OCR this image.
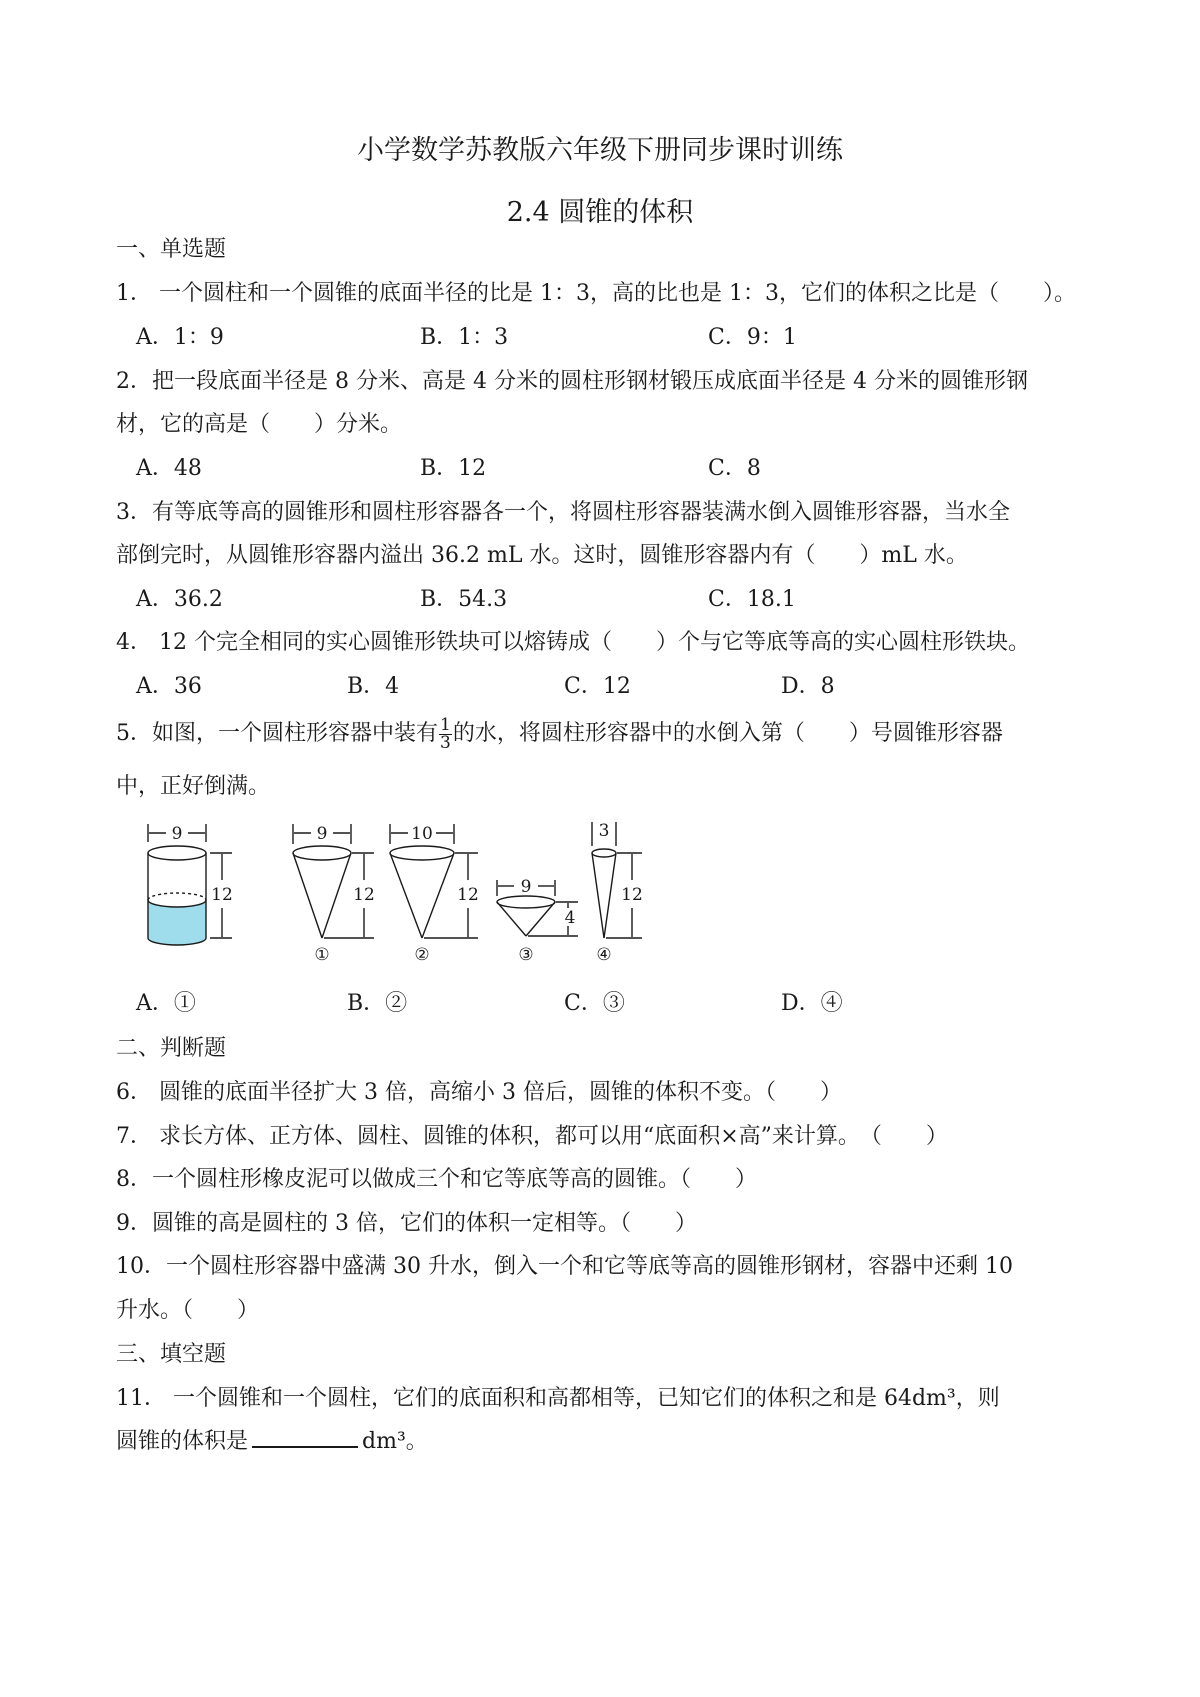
小学数学苏教版六年级下册同步课时训练
2.4 圆锥的体积
一、单选题
1． 一个圆柱和一个圆锥的底面半径的比是 1：3，高的比也是 1：3，它们的体积之比是（　　）。
A．1：9	B．1：3	C．9：1
2．把一段底面半径是 8 分米、高是 4 分米的圆柱形钢材锻压成底面半径是 4 分米的圆锥形钢
材，它的高是（　　）分米。
A．48	B．12	C．8
3．有等底等高的圆锥形和圆柱形容器各一个，将圆柱形容器装满水倒入圆锥形容器，当水全
部倒完时，从圆锥形容器内溢出 36.2 mL 水。这时，圆锥形容器内有（　　）mL 水。
A．36.2	B．54.3	C．18.1
4． 12 个完全相同的实心圆锥形铁块可以熔铸成（　　）个与它等底等高的实心圆柱形铁块。
A．36	B．4	C．12	D．8
5．如图，一个圆柱形容器中装有 $\frac{1}{3}$ 的水，将圆柱形容器中的水倒入第（　　）号圆锥形容器
中，正好倒满。
9
12
9
12
①
10
12
②
9
4
③
3
12
④
A．①	B．②	C．③	D．④
二、判断题
6． 圆锥的底面半径扩大 3 倍，高缩小 3 倍后，圆锥的体积不变。（　　）
7． 求长方体、正方体、圆柱、圆锥的体积，都可以用“底面积×高”来计算。　（　　）
8．一个圆柱形橡皮泥可以做成三个和它等底等高的圆锥。（　　）
9．圆锥的高是圆柱的 3 倍，它们的体积一定相等。（　　）
10．一个圆柱形容器中盛满 30 升水，倒入一个和它等底等高的圆锥形钢材，容器中还剩 10
升水。（　　）
三、填空题
11． 一个圆锥和一个圆柱，它们的底面积和高都相等，已知它们的体积之和是 64dm³，则
圆锥的体积是	dm³。
